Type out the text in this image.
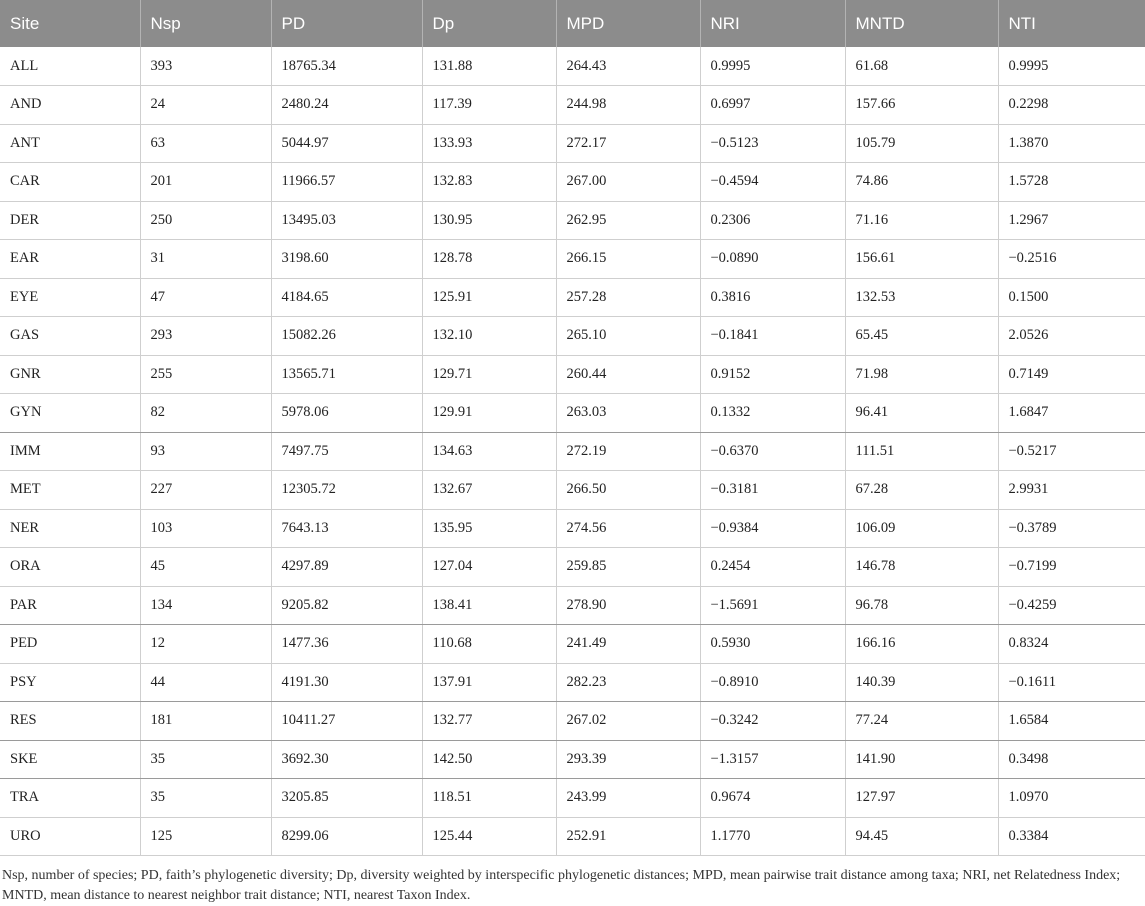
Site	Nsp	PD	Dp	MPD	NRI	MNTD	NTI
ALL	393	18765.34	131.88	264.43	0.9995	61.68	0.9995
AND	24	2480.24	117.39	244.98	0.6997	157.66	0.2298
ANT	63	5044.97	133.93	272.17	−0.5123	105.79	1.3870
CAR	201	11966.57	132.83	267.00	−0.4594	74.86	1.5728
DER	250	13495.03	130.95	262.95	0.2306	71.16	1.2967
EAR	31	3198.60	128.78	266.15	−0.0890	156.61	−0.2516
EYE	47	4184.65	125.91	257.28	0.3816	132.53	0.1500
GAS	293	15082.26	132.10	265.10	−0.1841	65.45	2.0526
GNR	255	13565.71	129.71	260.44	0.9152	71.98	0.7149
GYN	82	5978.06	129.91	263.03	0.1332	96.41	1.6847
IMM	93	7497.75	134.63	272.19	−0.6370	111.51	−0.5217
MET	227	12305.72	132.67	266.50	−0.3181	67.28	2.9931
NER	103	7643.13	135.95	274.56	−0.9384	106.09	−0.3789
ORA	45	4297.89	127.04	259.85	0.2454	146.78	−0.7199
PAR	134	9205.82	138.41	278.90	−1.5691	96.78	−0.4259
PED	12	1477.36	110.68	241.49	0.5930	166.16	0.8324
PSY	44	4191.30	137.91	282.23	−0.8910	140.39	−0.1611
RES	181	10411.27	132.77	267.02	−0.3242	77.24	1.6584
SKE	35	3692.30	142.50	293.39	−1.3157	141.90	0.3498
TRA	35	3205.85	118.51	243.99	0.9674	127.97	1.0970
URO	125	8299.06	125.44	252.91	1.1770	94.45	0.3384

Nsp, number of species; PD, faith’s phylogenetic diversity; Dp, diversity weighted by interspecific phylogenetic distances; MPD, mean pairwise trait distance among taxa; NRI, net Relatedness Index; MNTD, mean distance to nearest neighbor trait distance; NTI, nearest Taxon Index.
